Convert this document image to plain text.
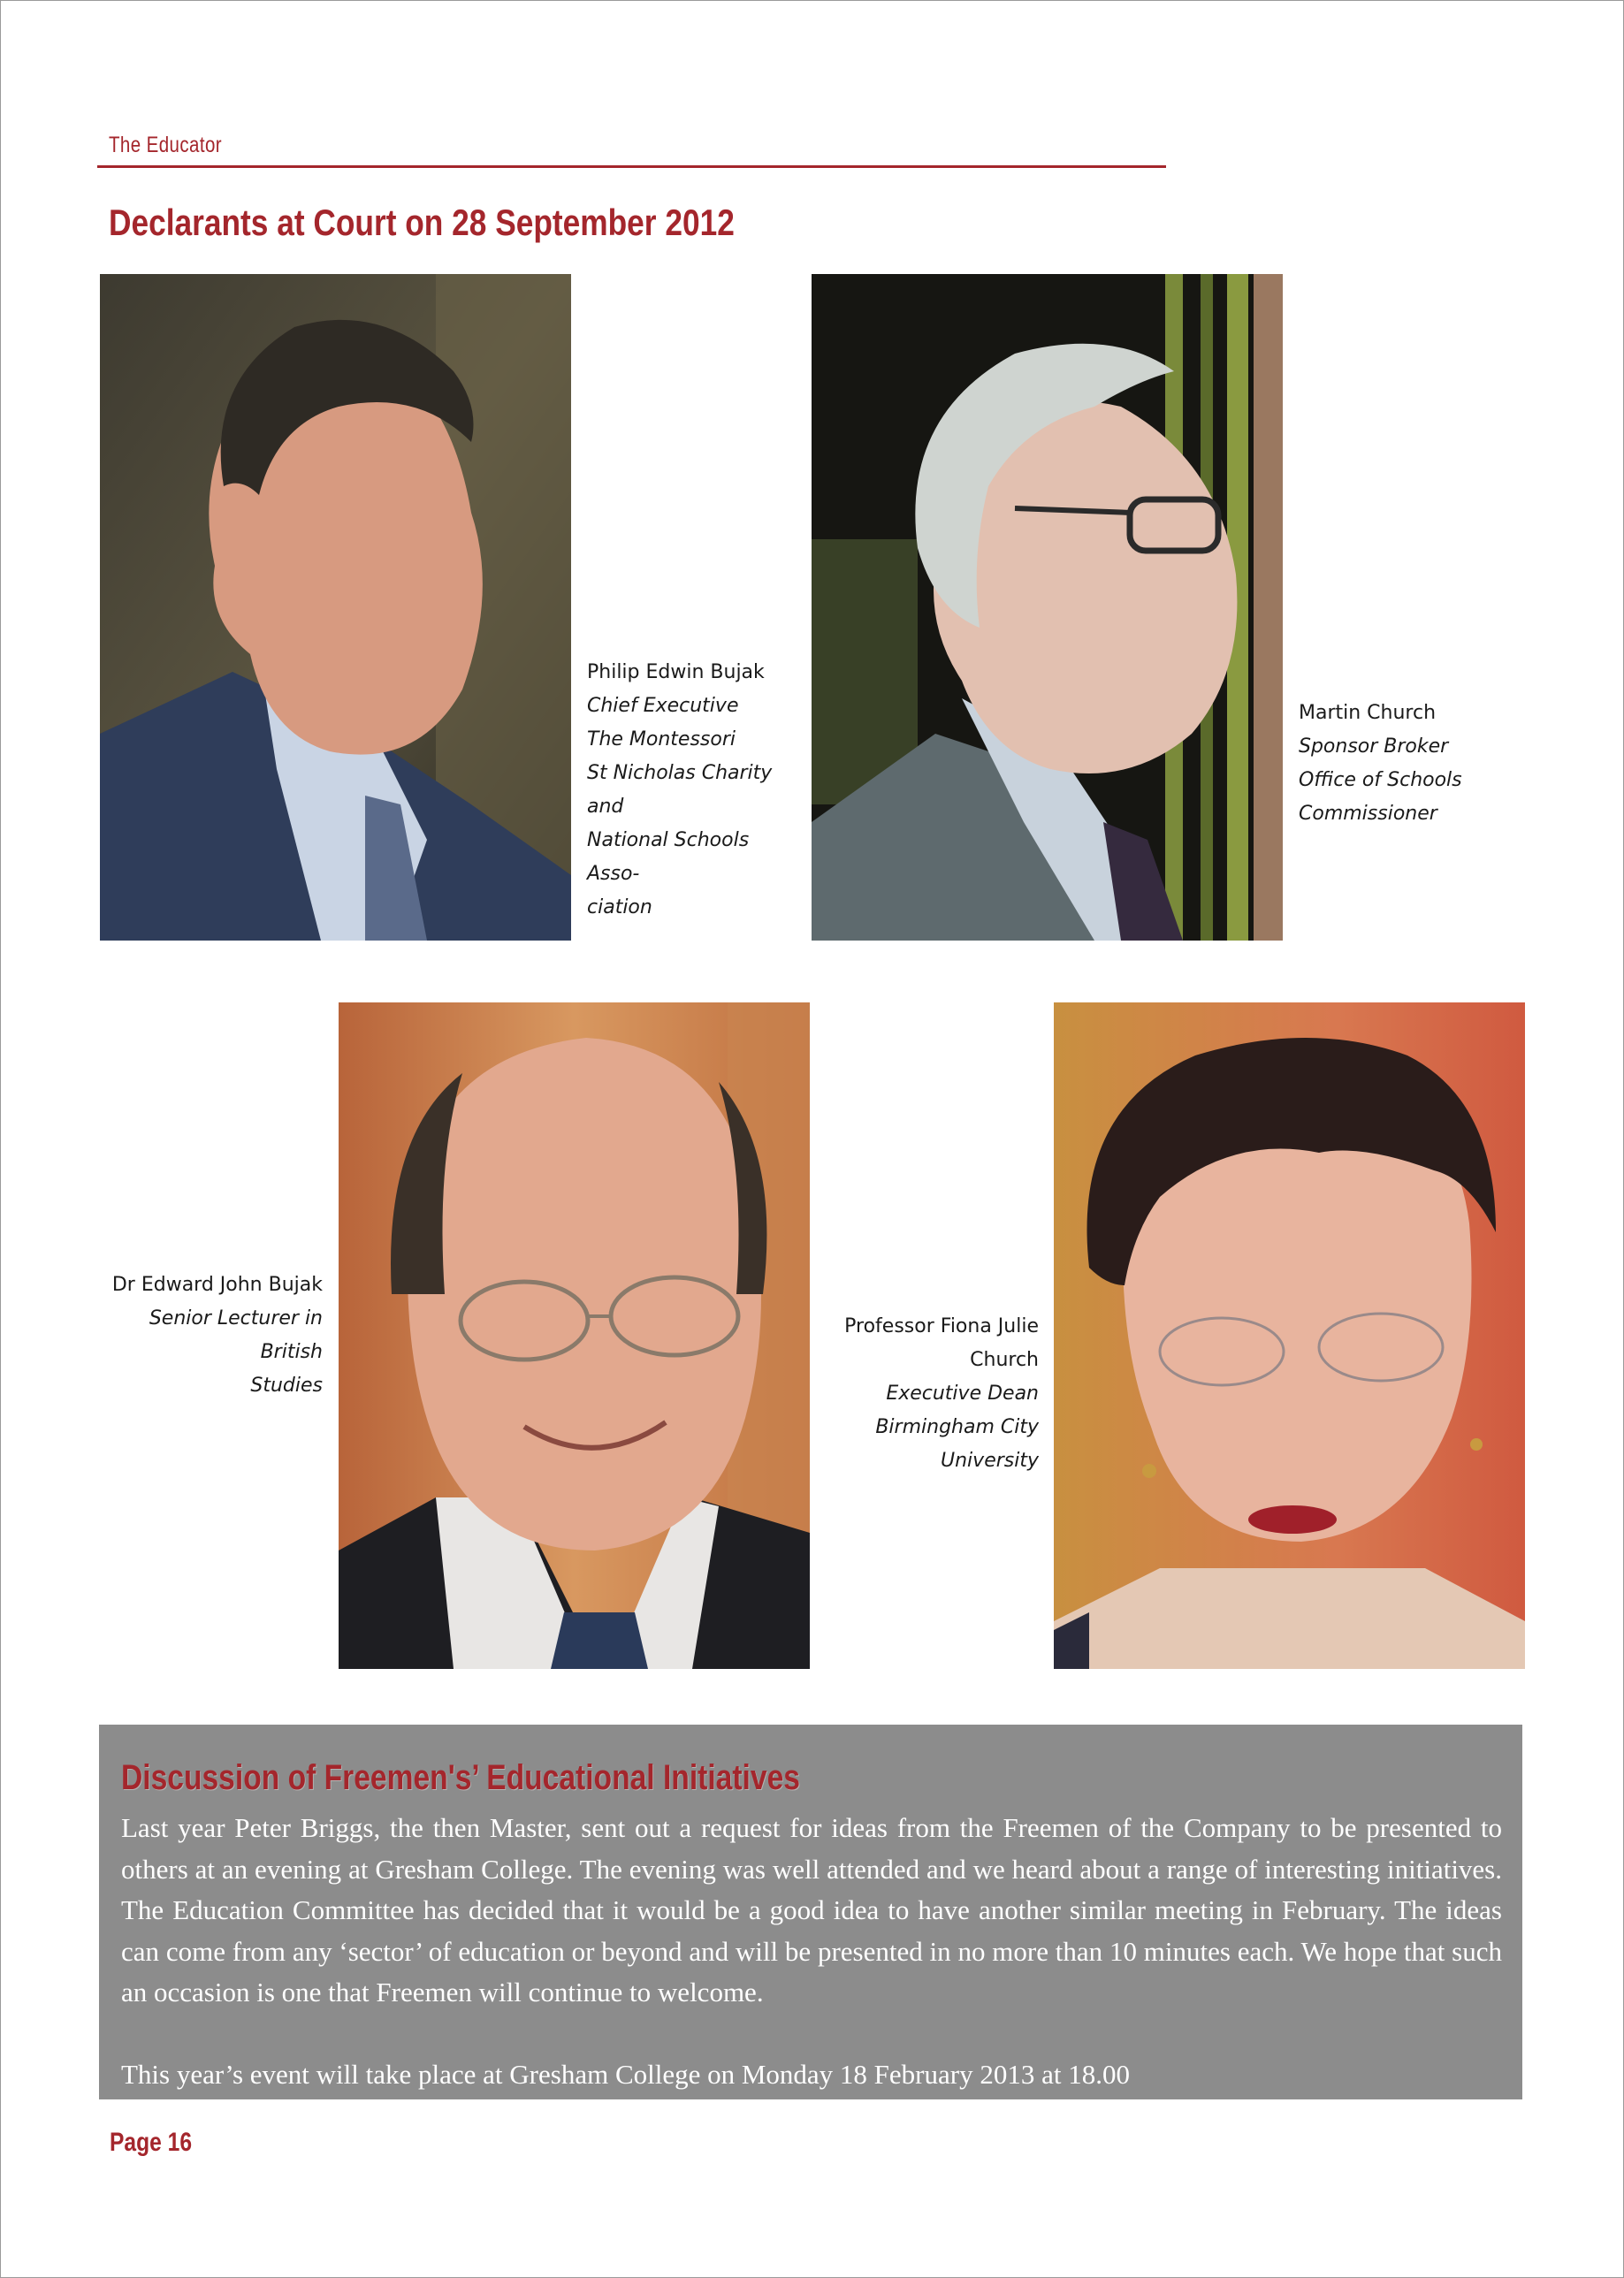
The Educator
Declarants at Court on 28 September 2012
Philip Edwin Bujak
Chief Executive
The Montessori
St Nicholas Charity and
National Schools Asso-
ciation
Martin Church
Sponsor Broker
Office of Schools
Commissioner
Dr Edward John Bujak
Senior Lecturer in British
Studies
Professor Fiona Julie
Church
Executive Dean
Birmingham City
University
Discussion of Freemen's’ Educational Initiatives

Last year Peter Briggs, the then Master, sent out a request for ideas from the Freemen of the Company to be presented to others at an evening at Gresham College. The evening was well attended and we heard about a range of interesting initiatives. The Education Committee has decided that it would be a good idea to have another similar meeting in February. The ideas can come from any ‘sector’ of education or beyond and will be presented in no more than 10 minutes each. We hope that such an occasion is one that Freemen will continue to welcome.

This year’s event will take place at Gresham College on Monday 18 February 2013 at 18.00

Page 16
